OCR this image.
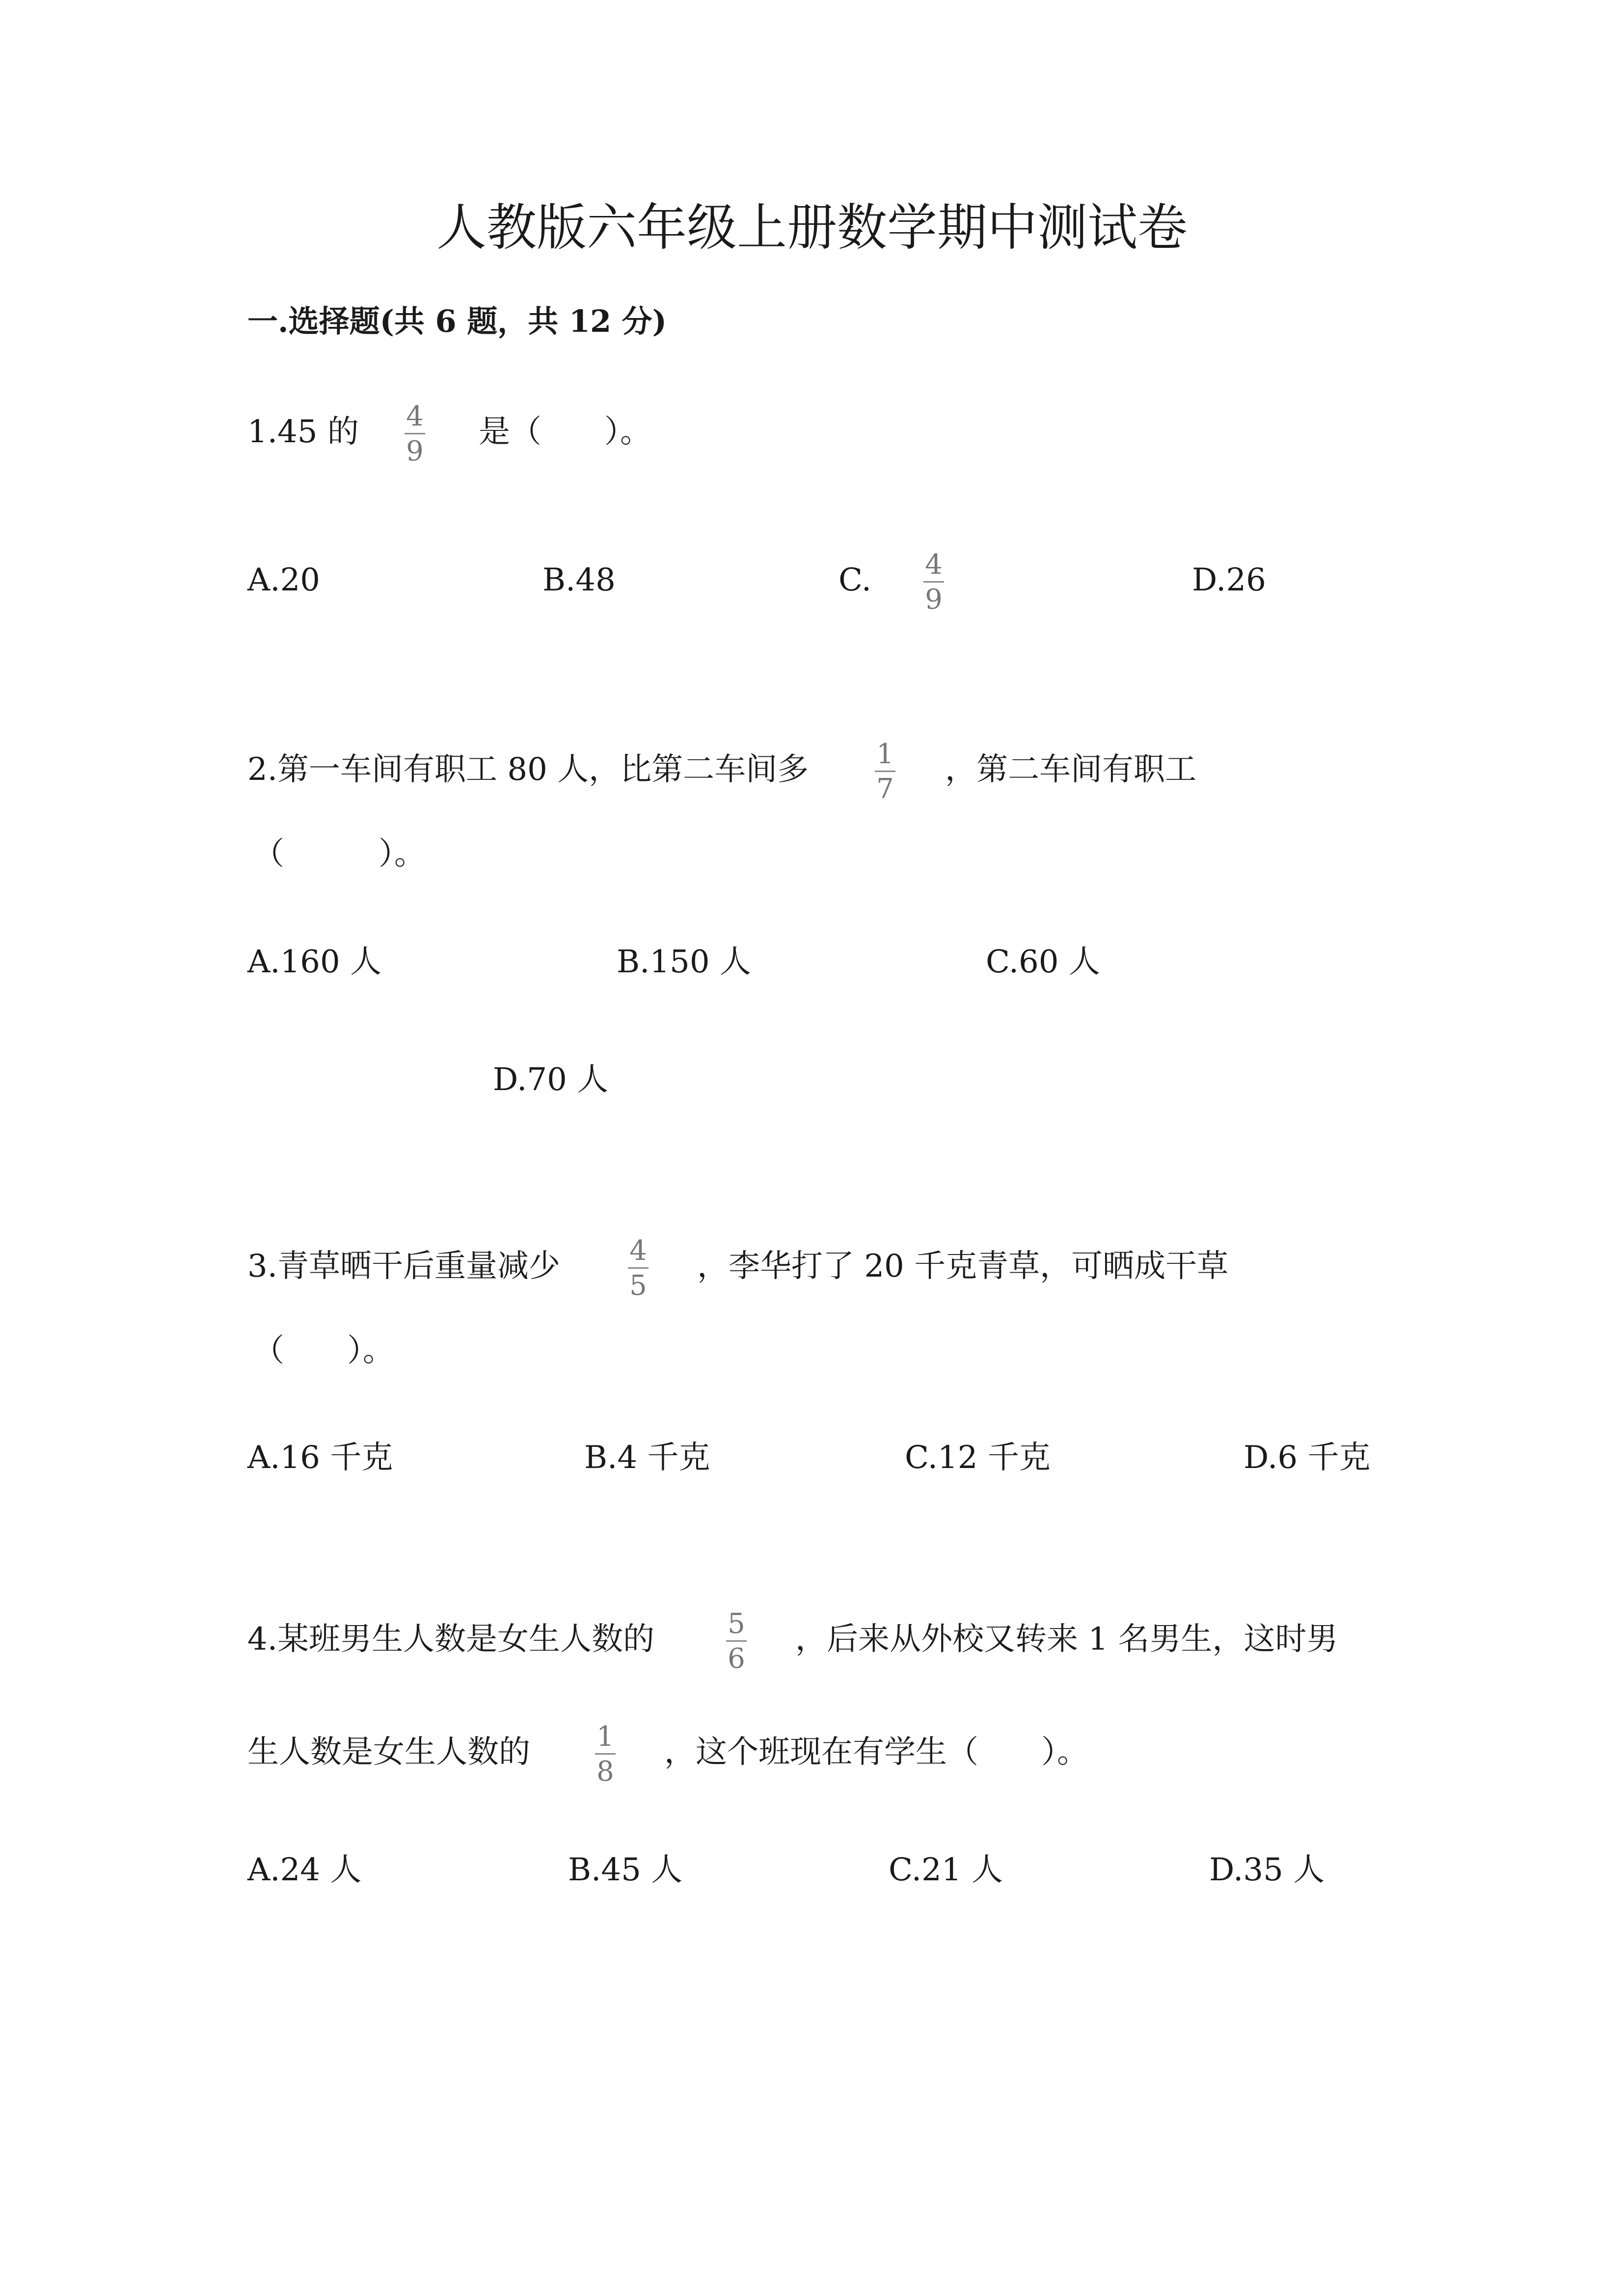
人教版六年级上册数学期中测试卷
一.选择题(共 6 题，共 12 分)
1.45 的 4
9
是（　　）。
A.20	B.48	C. 4
9
D.26
2.第一车间有职工 80 人，比第二车间多 1
7
，第二车间有职工
（　　　）。
A.160 人	B.150 人	C.60 人
D.70 人
3.青草晒干后重量减少	4
5
，李华打了 20 千克青草，可晒成干草
（　　）。
A.16 千克	B.4 千克	C.12 千克	D.6 千克
4.某班男生人数是女生人数的	5
6
，后来从外校又转来 1 名男生，这时男
生人数是女生人数的 1
8
，这个班现在有学生（　　）。
A.24 人	B.45 人	C.21 人	D.35 人
